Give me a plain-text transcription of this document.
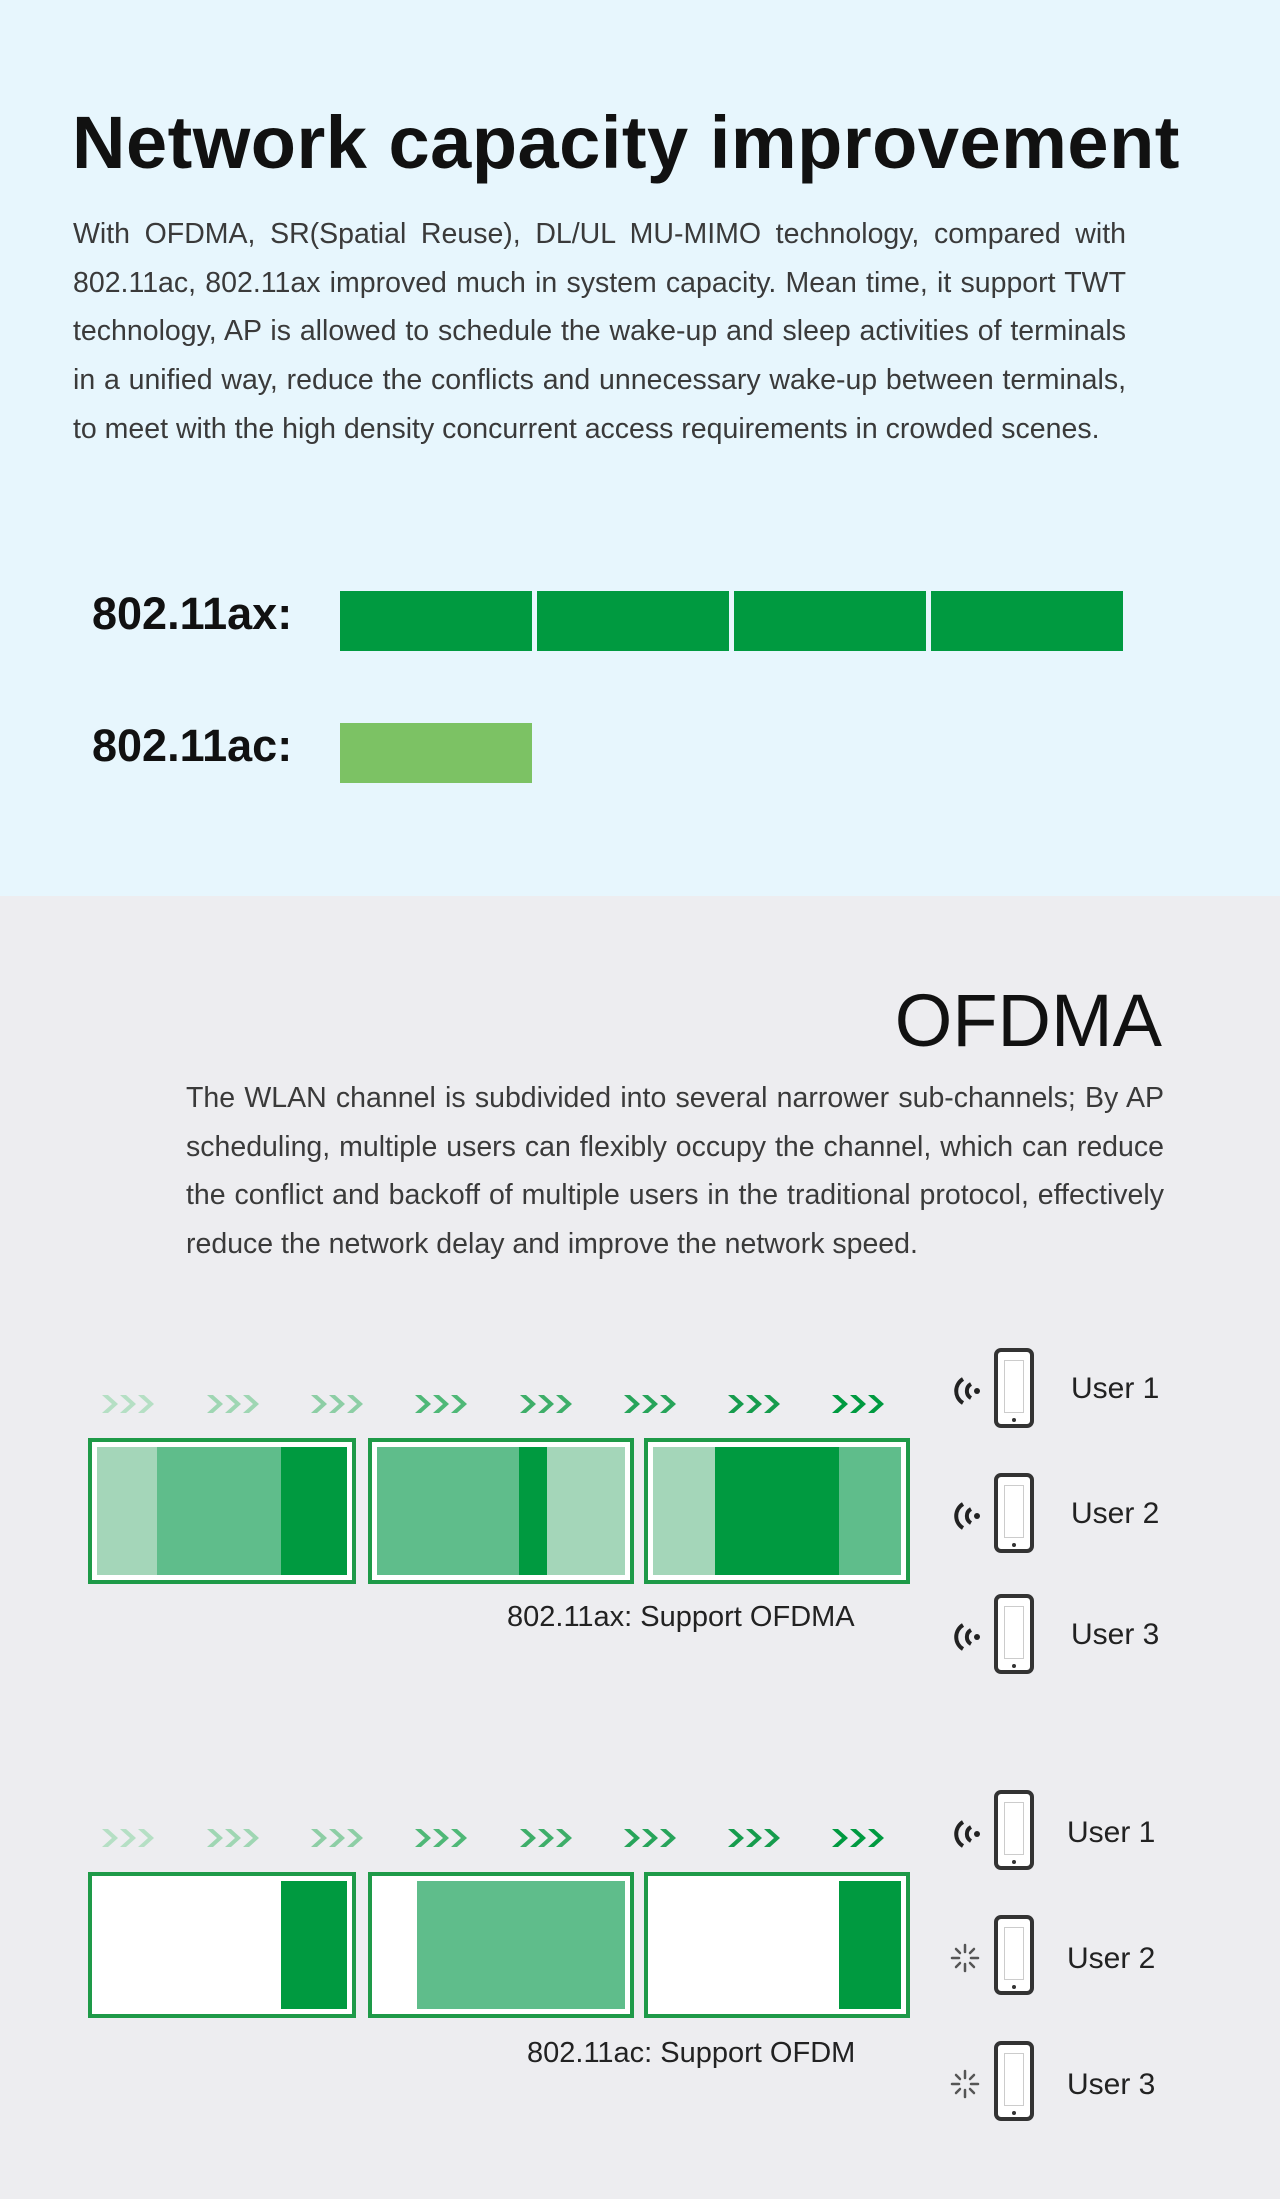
Network capacity improvement
With OFDMA, SR(Spatial Reuse), DL/UL MU-MIMO technology, compared with 802.11ac, 802.11ax improved much in system capacity. Mean time, it support TWT technology, AP is allowed to schedule the wake-up and sleep activities of terminals in a unified way, reduce the conflicts and unnecessary wake-up between terminals, to meet with the high density concurrent access requirements in crowded scenes.
802.11ax:
802.11ac:
OFDMA
The WLAN channel is subdivided into several narrower sub-channels; By AP scheduling, multiple users can flexibly occupy the channel, which can reduce the conflict and backoff of multiple users in the traditional protocol, effectively reduce the network delay and improve the network speed.
802.11ax: Support OFDMA
User 1
User 2
User 3
802.11ac: Support OFDM
User 1
User 2
User 3
